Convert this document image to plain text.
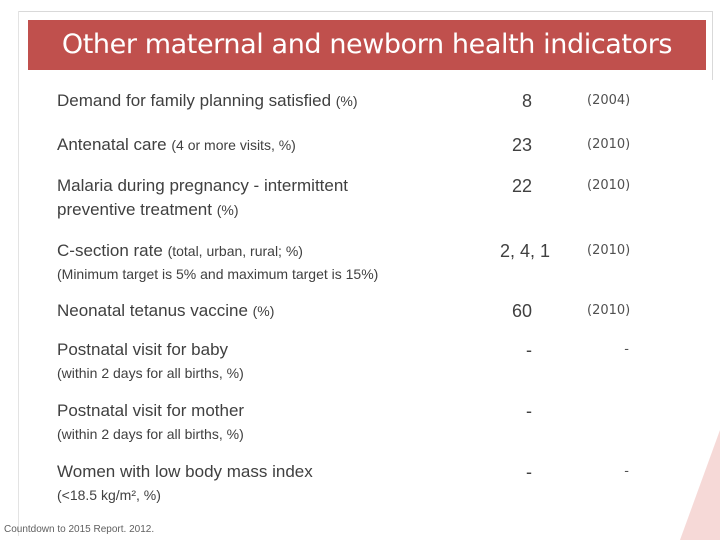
Other maternal and newborn health indicators
Demand for family planning satisfied (%)	8	(2004)
Antenatal care (4 or more visits, %)	23	(2010)
Malaria during pregnancy - intermittent
preventive treatment (%)
22	(2010)
C-section rate (total, urban, rural; %)
(Minimum target is 5% and maximum target is 15%)
2, 4, 1	(2010)
Neonatal tetanus vaccine (%)	60	(2010)
Postnatal visit for baby
(within 2 days for all births, %)
-	-
Postnatal visit for mother
(within 2 days for all births, %)
-
Women with low body mass index
(<18.5 kg/m², %)
-	-
Countdown to 2015 Report. 2012.
